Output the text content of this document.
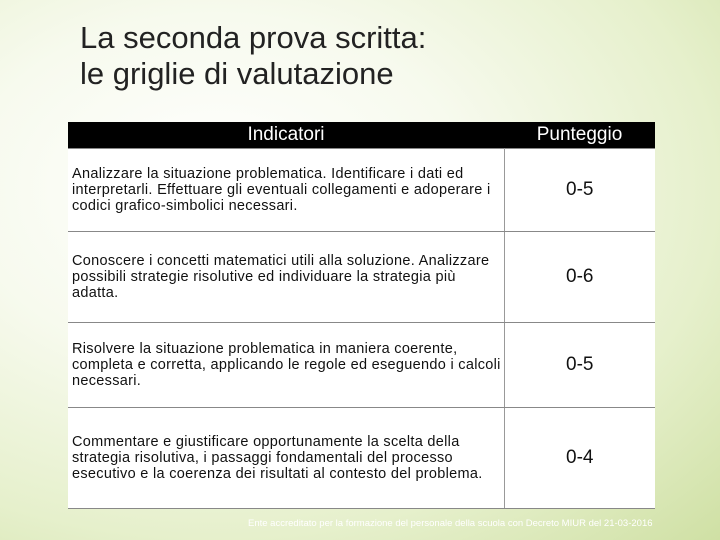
La seconda prova scritta:
le griglie di valutazione
Indicatori	Punteggio
Analizzare la situazione problematica. Identificare i dati ed interpretarli. Effettuare gli eventuali collegamenti e adoperare i codici grafico-simbolici necessari.	0-5
Conoscere i concetti matematici utili alla soluzione. Analizzare possibili strategie risolutive ed individuare la strategia più adatta.	0-6
Risolvere la situazione problematica in maniera coerente, completa e corretta, applicando le regole ed eseguendo i calcoli necessari.	0-5
Commentare e giustificare opportunamente la scelta della strategia risolutiva, i passaggi fondamentali del processo esecutivo e la coerenza dei risultati al contesto del problema.	0-4
Ente accreditato per la formazione del personale della scuola con Decreto MIUR del 21-03-2016
